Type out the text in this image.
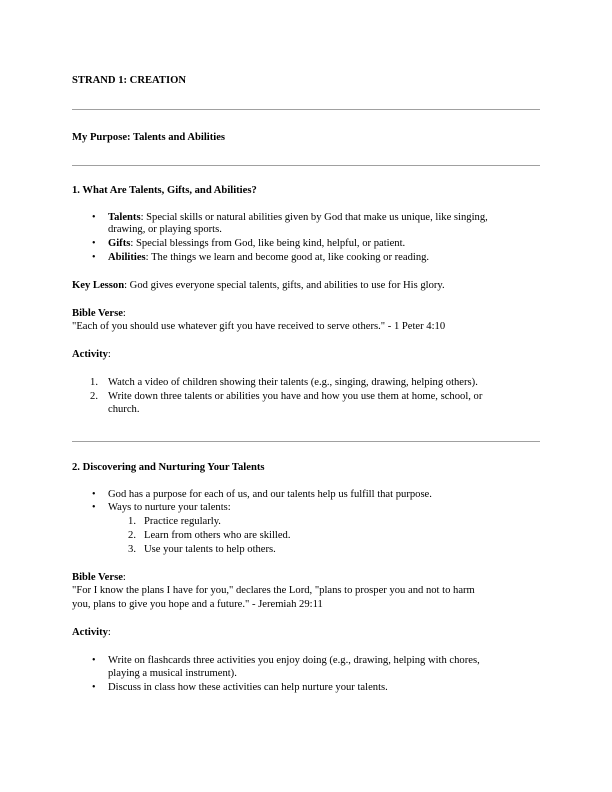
STRAND 1: CREATION
My Purpose: Talents and Abilities
1. What Are Talents, Gifts, and Abilities?
• Talents: Special skills or natural abilities given by God that make us unique, like singing,
drawing, or playing sports.
• Gifts: Special blessings from God, like being kind, helpful, or patient.
• Abilities: The things we learn and become good at, like cooking or reading.
Key Lesson: God gives everyone special talents, gifts, and abilities to use for His glory.
Bible Verse:
"Each of you should use whatever gift you have received to serve others." - 1 Peter 4:10
Activity:
1. Watch a video of children showing their talents (e.g., singing, drawing, helping others).
2. Write down three talents or abilities you have and how you use them at home, school, or
church.
2. Discovering and Nurturing Your Talents
• God has a purpose for each of us, and our talents help us fulfill that purpose.
• Ways to nurture your talents:
1. Practice regularly.
2. Learn from others who are skilled.
3. Use your talents to help others.
Bible Verse:
"For I know the plans I have for you," declares the Lord, "plans to prosper you and not to harm
you, plans to give you hope and a future." - Jeremiah 29:11
Activity:
• Write on flashcards three activities you enjoy doing (e.g., drawing, helping with chores,
playing a musical instrument).
• Discuss in class how these activities can help nurture your talents.
